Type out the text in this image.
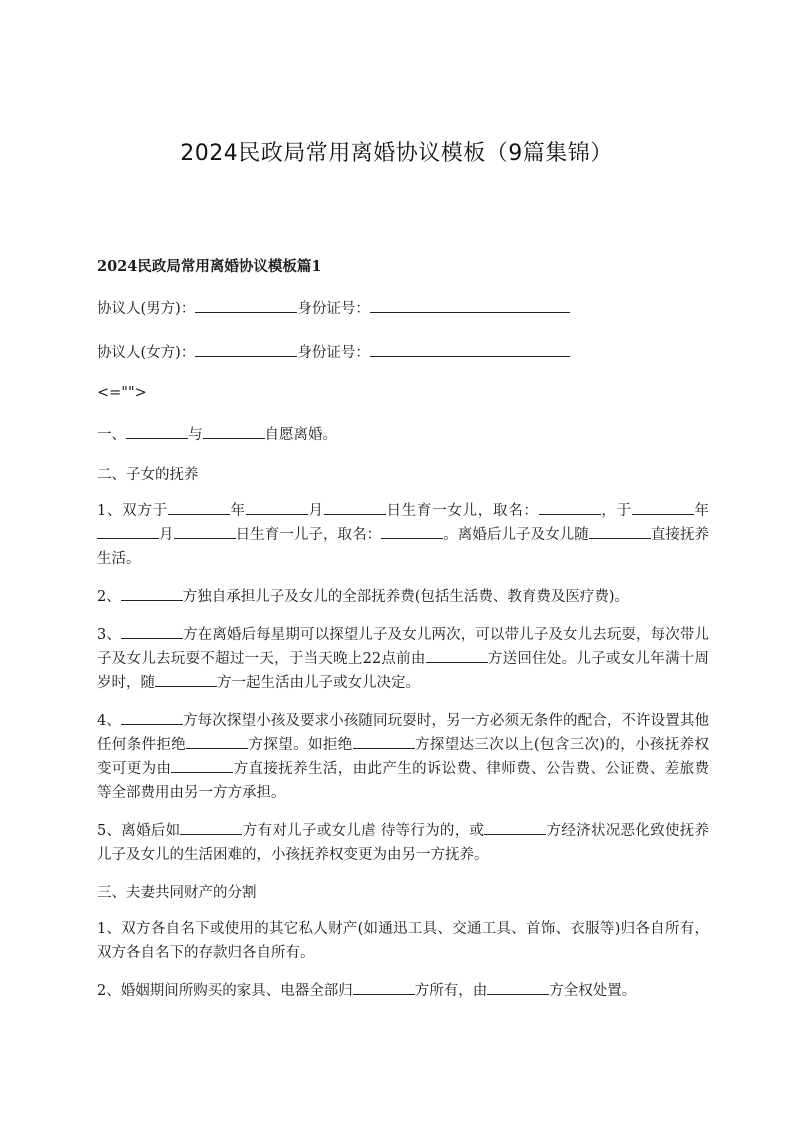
2024民政局常用离婚协议模板（9篇集锦）
2024民政局常用离婚协议模板篇1

协议人(男方)：	身份证号：

协议人(女方)：	身份证号：

<="">

一、	与	自愿离婚。

二、子女的抚养

1、双方于	年	月	日生育一女儿，取名：	，于	年月	日生育一儿子，取名：	。离婚后儿子及女儿随	直接抚养生活。

2、	方独自承担儿子及女儿的全部抚养费(包括生活费、教育费及医疗费)。

3、	方在离婚后每星期可以探望儿子及女儿两次，可以带儿子及女儿去玩耍，每次带儿子及女儿去玩耍不超过一天，于当天晚上22点前由	方送回住处。儿子或女儿年满十周岁时，随	方一起生活由儿子或女儿决定。

4、	方每次探望小孩及要求小孩随同玩耍时，另一方必须无条件的配合，不许设置其他任何条件拒绝	方探望。如拒绝	方探望达三次以上(包含三次)的，小孩抚养权变可更为由	方直接抚养生活，由此产生的诉讼费、律师费、公告费、公证费、差旅费等全部费用由另一方方承担。

5、离婚后如	方有对儿子或女儿虐 待等行为的，或	方经济状况恶化致使抚养儿子及女儿的生活困难的，小孩抚养权变更为由另一方抚养。

三、夫妻共同财产的分割

1、双方各自名下或使用的其它私人财产(如通迅工具、交通工具、首饰、衣服等)归各自所有，双方各自名下的存款归各自所有。

2、婚姻期间所购买的家具、电器全部归	方所有，由	方全权处置。
